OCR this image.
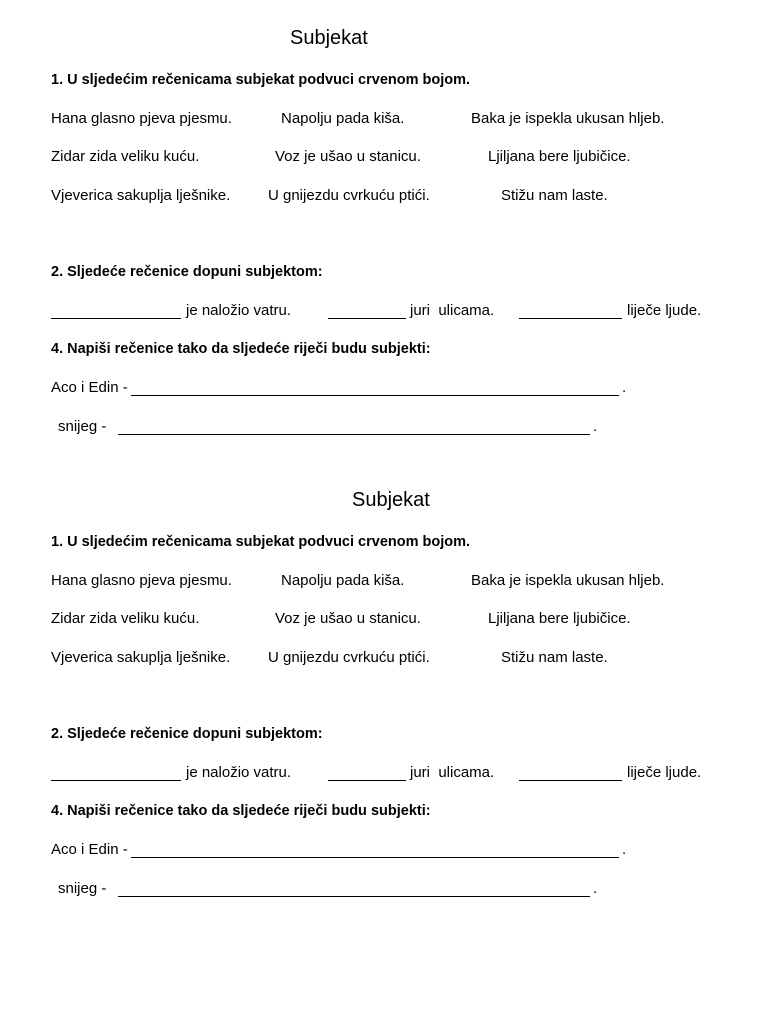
Subjekat
1. U sljedećim rečenicama subjekat podvuci crvenom bojom.
Hana glasno pjeva pjesmu.	Napolju pada kiša.	Baka je ispekla ukusan hljeb.
Zidar zida veliku kuću.	Voz je ušao u stanicu.	Ljiljana bere ljubičice.
Vjeverica sakuplja lješnike.	U gnijezdu cvrkuću ptići.	Stižu nam laste.
2. Sljedeće rečenice dopuni subjektom:
je naložio vatru.	juri  ulicama.	liječe ljude.
4. Napiši rečenice tako da sljedeće riječi budu subjekti:
Aco i Edin -	.
snijeg -	.
Subjekat
1. U sljedećim rečenicama subjekat podvuci crvenom bojom.
Hana glasno pjeva pjesmu.	Napolju pada kiša.	Baka je ispekla ukusan hljeb.
Zidar zida veliku kuću.	Voz je ušao u stanicu.	Ljiljana bere ljubičice.
Vjeverica sakuplja lješnike.	U gnijezdu cvrkuću ptići.	Stižu nam laste.
2. Sljedeće rečenice dopuni subjektom:
je naložio vatru.	juri  ulicama.	liječe ljude.
4. Napiši rečenice tako da sljedeće riječi budu subjekti:
Aco i Edin -	.
snijeg -	.
